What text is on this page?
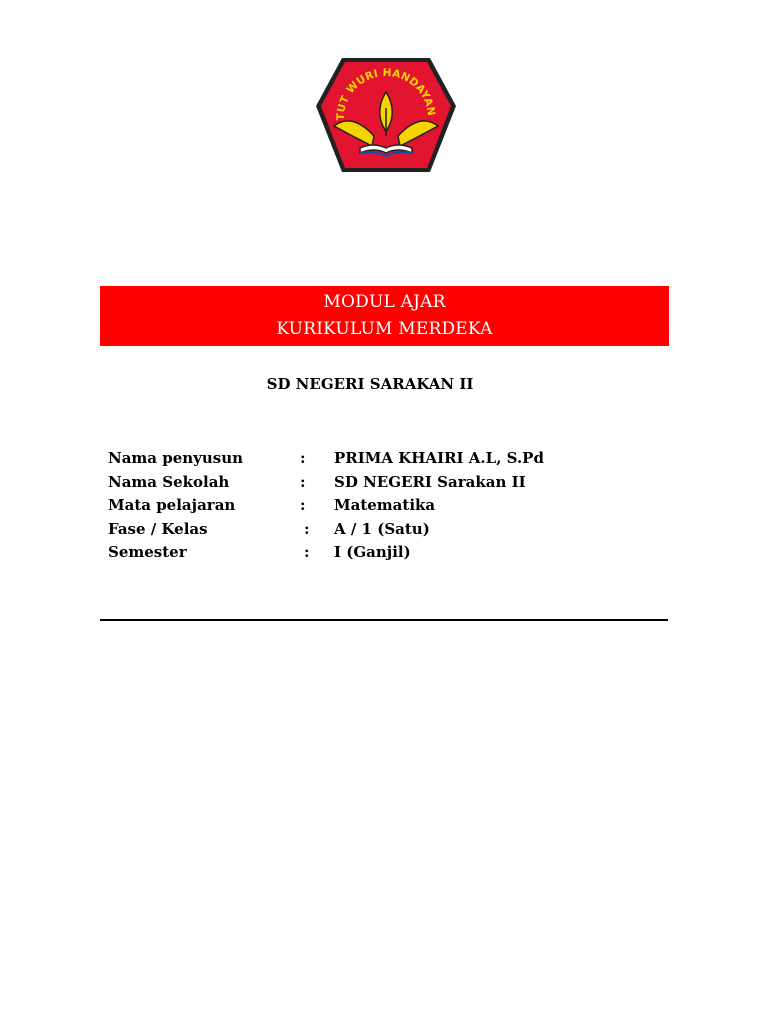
TUT WURI HANDAYAN
MODUL AJAR
KURIKULUM MERDEKA
SD NEGERI SARAKAN II
Nama penyusun	: PRIMA KHAIRI A.L, S.Pd
Nama Sekolah	: SD NEGERI Sarakan II
Mata pelajaran	: Matematika
Fase / Kelas	: A / 1 (Satu)
Semester	: I (Ganjil)
